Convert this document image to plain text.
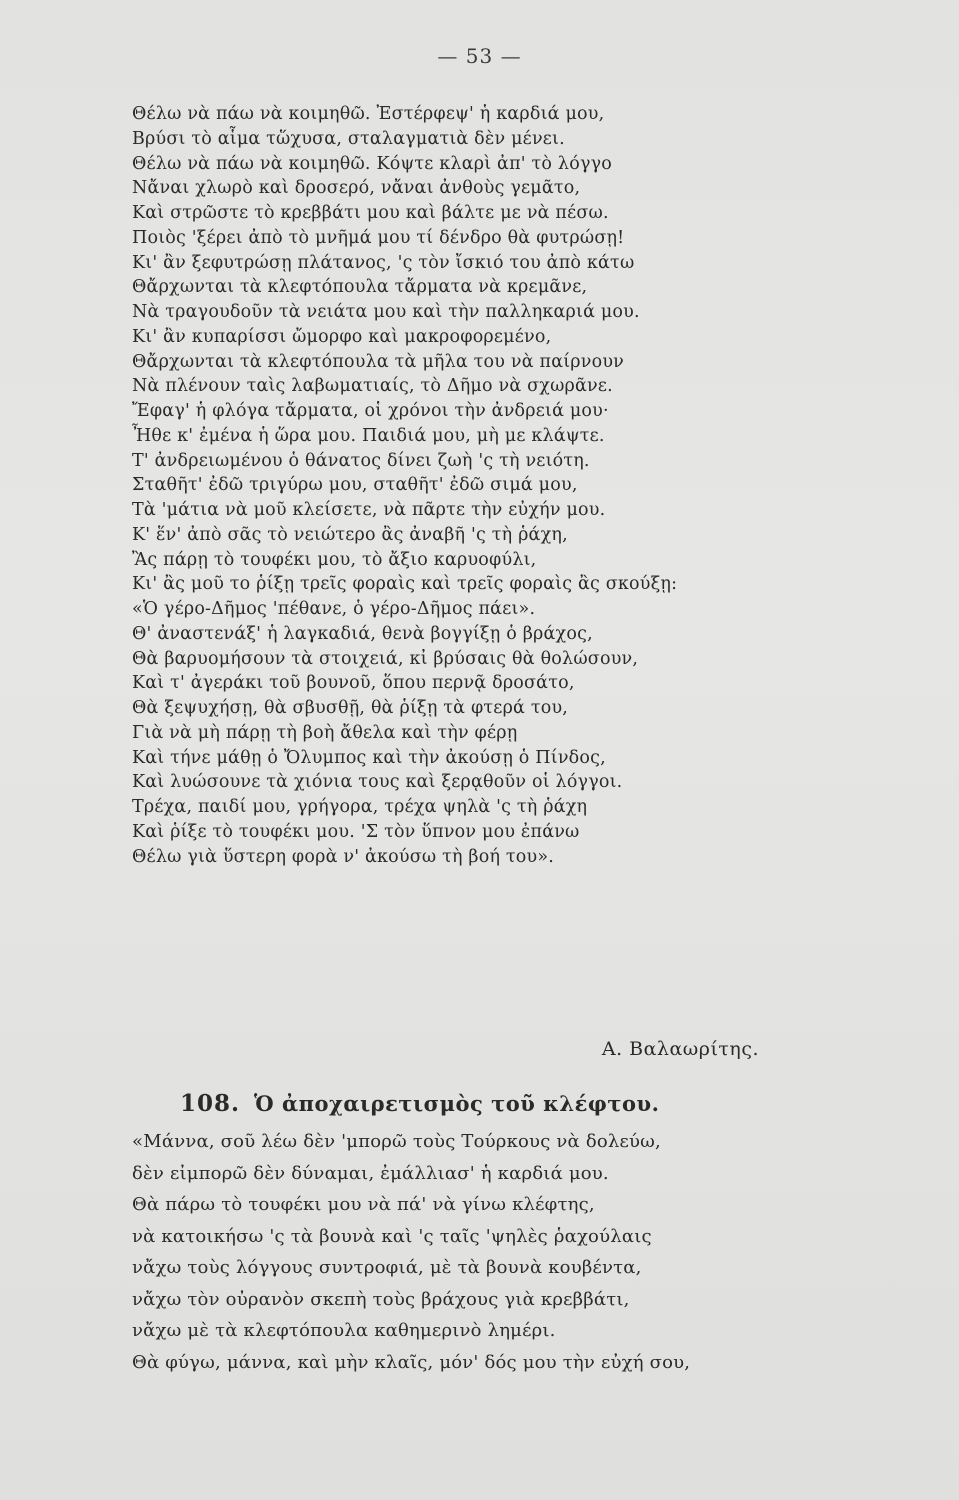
— 53 —
Θέλω νὰ πάω νὰ κοιμηθῶ. Ἐστέρφεψ' ἡ καρδιά μου,
Βρύσι τὸ αἷμα τὥχυσα, σταλαγματιὰ δὲν μένει.
Θέλω νὰ πάω νὰ κοιμηθῶ. Κόψτε κλαρὶ ἀπ' τὸ λόγγο
Νἄναι χλωρὸ καὶ δροσερό, νἄναι ἀνθοὺς γεμᾶτο,
Καὶ στρῶστε τὸ κρεββάτι μου καὶ βάλτε με νὰ πέσω.
Ποιὸς 'ξέρει ἀπὸ τὸ μνῆμά μου τί δένδρο θὰ φυτρώσῃ!
Κι' ἂν ξεφυτρώσῃ πλάτανος, 'ς τὸν ἴσκιό του ἀπὸ κάτω
Θἄρχωνται τὰ κλεφτόπουλα τἄρματα νὰ κρεμᾶνε,
Νὰ τραγουδοῦν τὰ νειάτα μου καὶ τὴν παλληκαριά μου.
Κι' ἂν κυπαρίσσι ὤμορφο καὶ μακροφορεμένο,
Θἄρχωνται τὰ κλεφτόπουλα τὰ μῆλα του νὰ παίρνουν
Νὰ πλένουν ταὶς λαβωματιαίς, τὸ Δῆμο νὰ σχωρᾶνε.
Ἔφαγ' ἡ φλόγα τἄρματα, οἱ χρόνοι τὴν ἀνδρειά μου·
Ἦθε κ' ἐμένα ἡ ὥρα μου. Παιδιά μου, μὴ με κλάψτε.
Τ' ἀνδρειωμένου ὁ θάνατος δίνει ζωὴ 'ς τὴ νειότη.
Σταθῆτ' ἐδῶ τριγύρω μου, σταθῆτ' ἐδῶ σιμά μου,
Τὰ 'μάτια νὰ μοῦ κλείσετε, νὰ πᾶρτε τὴν εὐχήν μου.
Κ' ἕν' ἀπὸ σᾶς τὸ νειώτερο ἂς ἀναβῆ 'ς τὴ ῥάχη,
Ἂς πάρῃ τὸ τουφέκι μου, τὸ ἄξιο καρυοφύλι,
Κι' ἂς μοῦ το ῥίξῃ τρεῖς φοραὶς καὶ τρεῖς φοραὶς ἂς σκούξῃ:
«Ὁ γέρο-Δῆμος 'πέθανε, ὁ γέρο-Δῆμος πάει».
Θ' ἀναστενάξ' ἡ λαγκαδιά, θενὰ βογγίξῃ ὁ βράχος,
Θὰ βαρυομήσουν τὰ στοιχειά, κἰ βρύσαις θὰ θολώσουν,
Καὶ τ' ἀγεράκι τοῦ βουνοῦ, ὅπου περνᾷ δροσάτο,
Θὰ ξεψυχήσῃ, θὰ σβυσθῇ, θὰ ῥίξῃ τὰ φτερά του,
Γιὰ νὰ μὴ πάρῃ τὴ βοὴ ἄθελα καὶ τὴν φέρῃ
Καὶ τήνε μάθῃ ὁ Ὄλυμπος καὶ τὴν ἀκούσῃ ὁ Πίνδος,
Καὶ λυώσουνε τὰ χιόνια τους καὶ ξερᾳθοῦν οἱ λόγγοι.
Τρέχα, παιδί μου, γρήγορα, τρέχα ψηλὰ 'ς τὴ ῥάχη
Καὶ ῥίξε τὸ τουφέκι μου. 'Σ τὸν ὕπνον μου ἐπάνω
Θέλω γιὰ ὕστερη φορὰ ν' ἀκούσω τὴ βοή του».
Α. Βαλαωρίτης.
108. Ὁ ἀποχαιρετισμὸς τοῦ κλέφτου.
«Μάννα, σοῦ λέω δὲν 'μπορῶ τοὺς Τούρκους νὰ δολεύω,
δὲν εἰμπορῶ δὲν δύναμαι, ἐμάλλιασ' ἡ καρδιά μου.
Θὰ πάρω τὸ τουφέκι μου νὰ πά' νὰ γίνω κλέφτης,
νὰ κατοικήσω 'ς τὰ βουνὰ καὶ 'ς ταῖς 'ψηλὲς ῥαχούλαις
νἄχω τοὺς λόγγους συντροφιά, μὲ τὰ βουνὰ κουβέντα,
νἄχω τὸν οὐρανὸν σκεπὴ τοὺς βράχους γιὰ κρεββάτι,
νἄχω μὲ τὰ κλεφτόπουλα καθημερινὸ λημέρι.
Θὰ φύγω, μάννα, καὶ μὴν κλαῖς, μόν' δός μου τὴν εὐχή σου,
